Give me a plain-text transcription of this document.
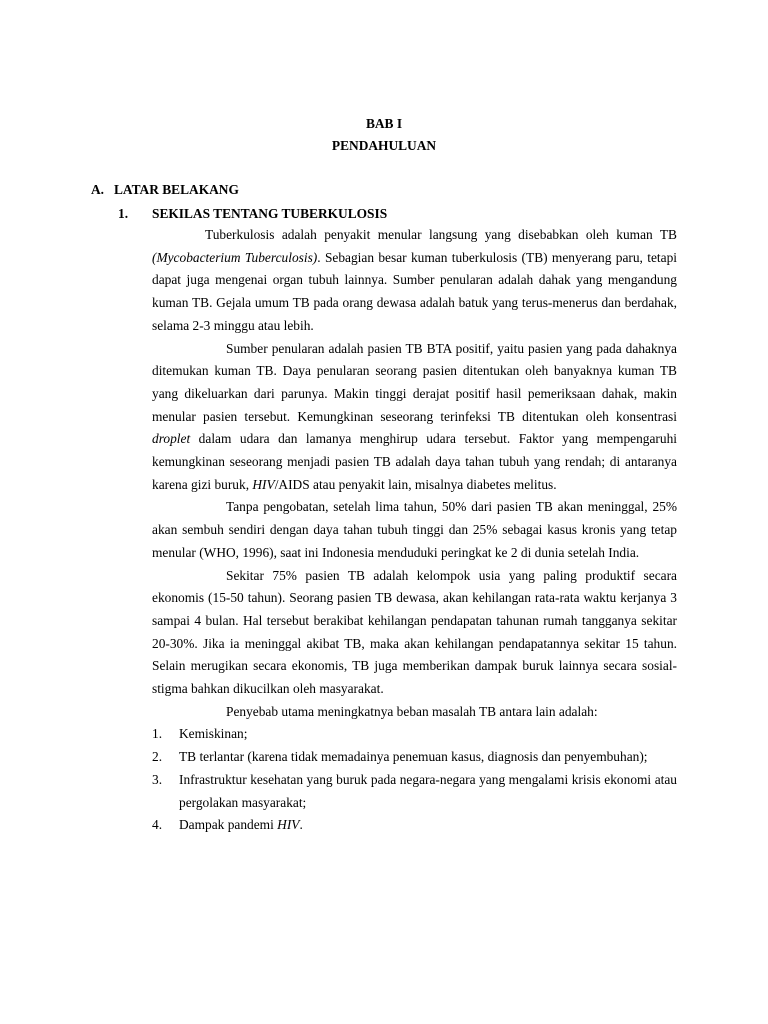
BAB I
PENDAHULUAN
A. LATAR BELAKANG
1. SEKILAS TENTANG TUBERKULOSIS

Tuberkulosis adalah penyakit menular langsung yang disebabkan oleh kuman TB (Mycobacterium Tuberculosis). Sebagian besar kuman tuberkulosis (TB) menyerang paru, tetapi dapat juga mengenai organ tubuh lainnya. Sumber penularan adalah dahak yang mengandung kuman TB. Gejala umum TB pada orang dewasa adalah batuk yang terus-menerus dan berdahak, selama 2-3 minggu atau lebih.

Sumber penularan adalah pasien TB BTA positif, yaitu pasien yang pada dahaknya ditemukan kuman TB. Daya penularan seorang pasien ditentukan oleh banyaknya kuman TB yang dikeluarkan dari parunya. Makin tinggi derajat positif hasil pemeriksaan dahak, makin menular pasien tersebut. Kemungkinan seseorang terinfeksi TB ditentukan oleh konsentrasi droplet dalam udara dan lamanya menghirup udara tersebut. Faktor yang mempengaruhi kemungkinan seseorang menjadi pasien TB adalah daya tahan tubuh yang rendah; di antaranya karena gizi buruk, HIV/AIDS atau penyakit lain, misalnya diabetes melitus.

Tanpa pengobatan, setelah lima tahun, 50% dari pasien TB akan meninggal, 25% akan sembuh sendiri dengan daya tahan tubuh tinggi dan 25% sebagai kasus kronis yang tetap menular (WHO, 1996), saat ini Indonesia menduduki peringkat ke 2 di dunia setelah India.

Sekitar 75% pasien TB adalah kelompok usia yang paling produktif secara ekonomis (15-50 tahun). Seorang pasien TB dewasa, akan kehilangan rata-rata waktu kerjanya 3 sampai 4 bulan. Hal tersebut berakibat kehilangan pendapatan tahunan rumah tangganya sekitar 20-30%. Jika ia meninggal akibat TB, maka akan kehilangan pendapatannya sekitar 15 tahun. Selain merugikan secara ekonomis, TB juga memberikan dampak buruk lainnya secara sosial-stigma bahkan dikucilkan oleh masyarakat.

Penyebab utama meningkatnya beban masalah TB antara lain adalah:

1. Kemiskinan;
2. TB terlantar (karena tidak memadainya penemuan kasus, diagnosis dan penyembuhan);
3. Infrastruktur kesehatan yang buruk pada negara-negara yang mengalami krisis ekonomi atau pergolakan masyarakat;
4. Dampak pandemi HIV.
